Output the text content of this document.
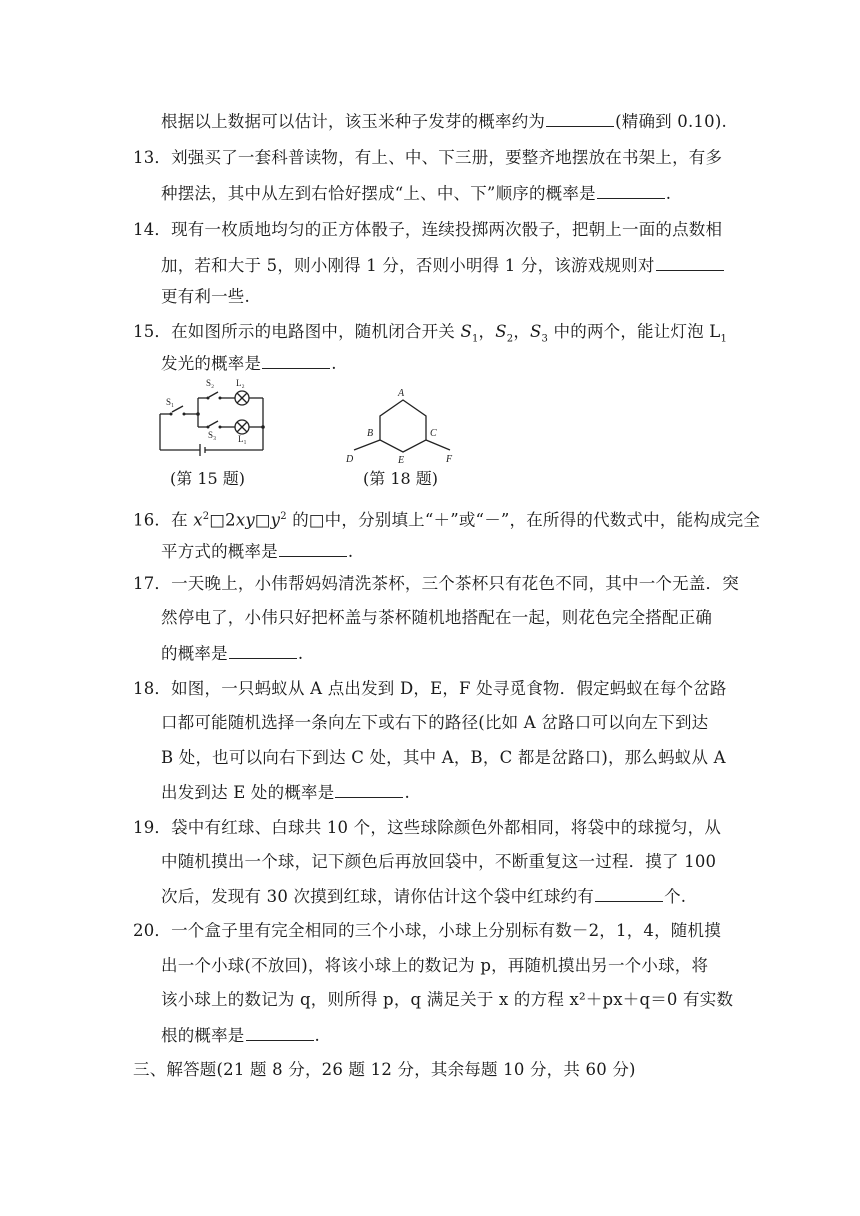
根据以上数据可以估计，该玉米种子发芽的概率约为	(精确到 0.10).
13．刘强买了一套科普读物，有上、中、下三册，要整齐地摆放在书架上，有多
种摆法，其中从左到右恰好摆成“上、中、下”顺序的概率是	.
14．现有一枚质地均匀的正方体骰子，连续投掷两次骰子，把朝上一面的点数相
加，若和大于 5，则小刚得 1 分，否则小明得 1 分，该游戏规则对
更有利一些.
15．在如图所示的电路图中，随机闭合开关 $S_1$，$S_2$，$S_3$ 中的两个，能让灯泡 $L_1$
发光的概率是	.
S₁
S₂ L₂
S₃ L₁
(第 15 题)
A
B	C
D	E	F
(第 18 题)
16．在 $x^2□2xy□y^2$ 的□中，分别填上“＋”或“－”，在所得的代数式中，能构成完全
平方式的概率是	.
17．一天晚上，小伟帮妈妈清洗茶杯，三个茶杯只有花色不同，其中一个无盖．突
然停电了，小伟只好把杯盖与茶杯随机地搭配在一起，则花色完全搭配正确
的概率是	.
18．如图，一只蚂蚁从 A 点出发到 D，E，F 处寻觅食物．假定蚂蚁在每个岔路
口都可能随机选择一条向左下或右下的路径(比如 A 岔路口可以向左下到达
B 处，也可以向右下到达 C 处，其中 A，B，C 都是岔路口)，那么蚂蚁从 A
出发到达 E 处的概率是	.
19．袋中有红球、白球共 10 个，这些球除颜色外都相同，将袋中的球搅匀，从
中随机摸出一个球，记下颜色后再放回袋中，不断重复这一过程．摸了 100
次后，发现有 30 次摸到红球，请你估计这个袋中红球约有	个.
20．一个盒子里有完全相同的三个小球，小球上分别标有数－2，1，4，随机摸
出一个小球(不放回)，将该小球上的数记为 p，再随机摸出另一个小球，将
该小球上的数记为 q，则所得 p，q 满足关于 x 的方程 x²＋px＋q＝0 有实数
根的概率是	.
三、解答题(21 题 8 分，26 题 12 分，其余每题 10 分，共 60 分)
